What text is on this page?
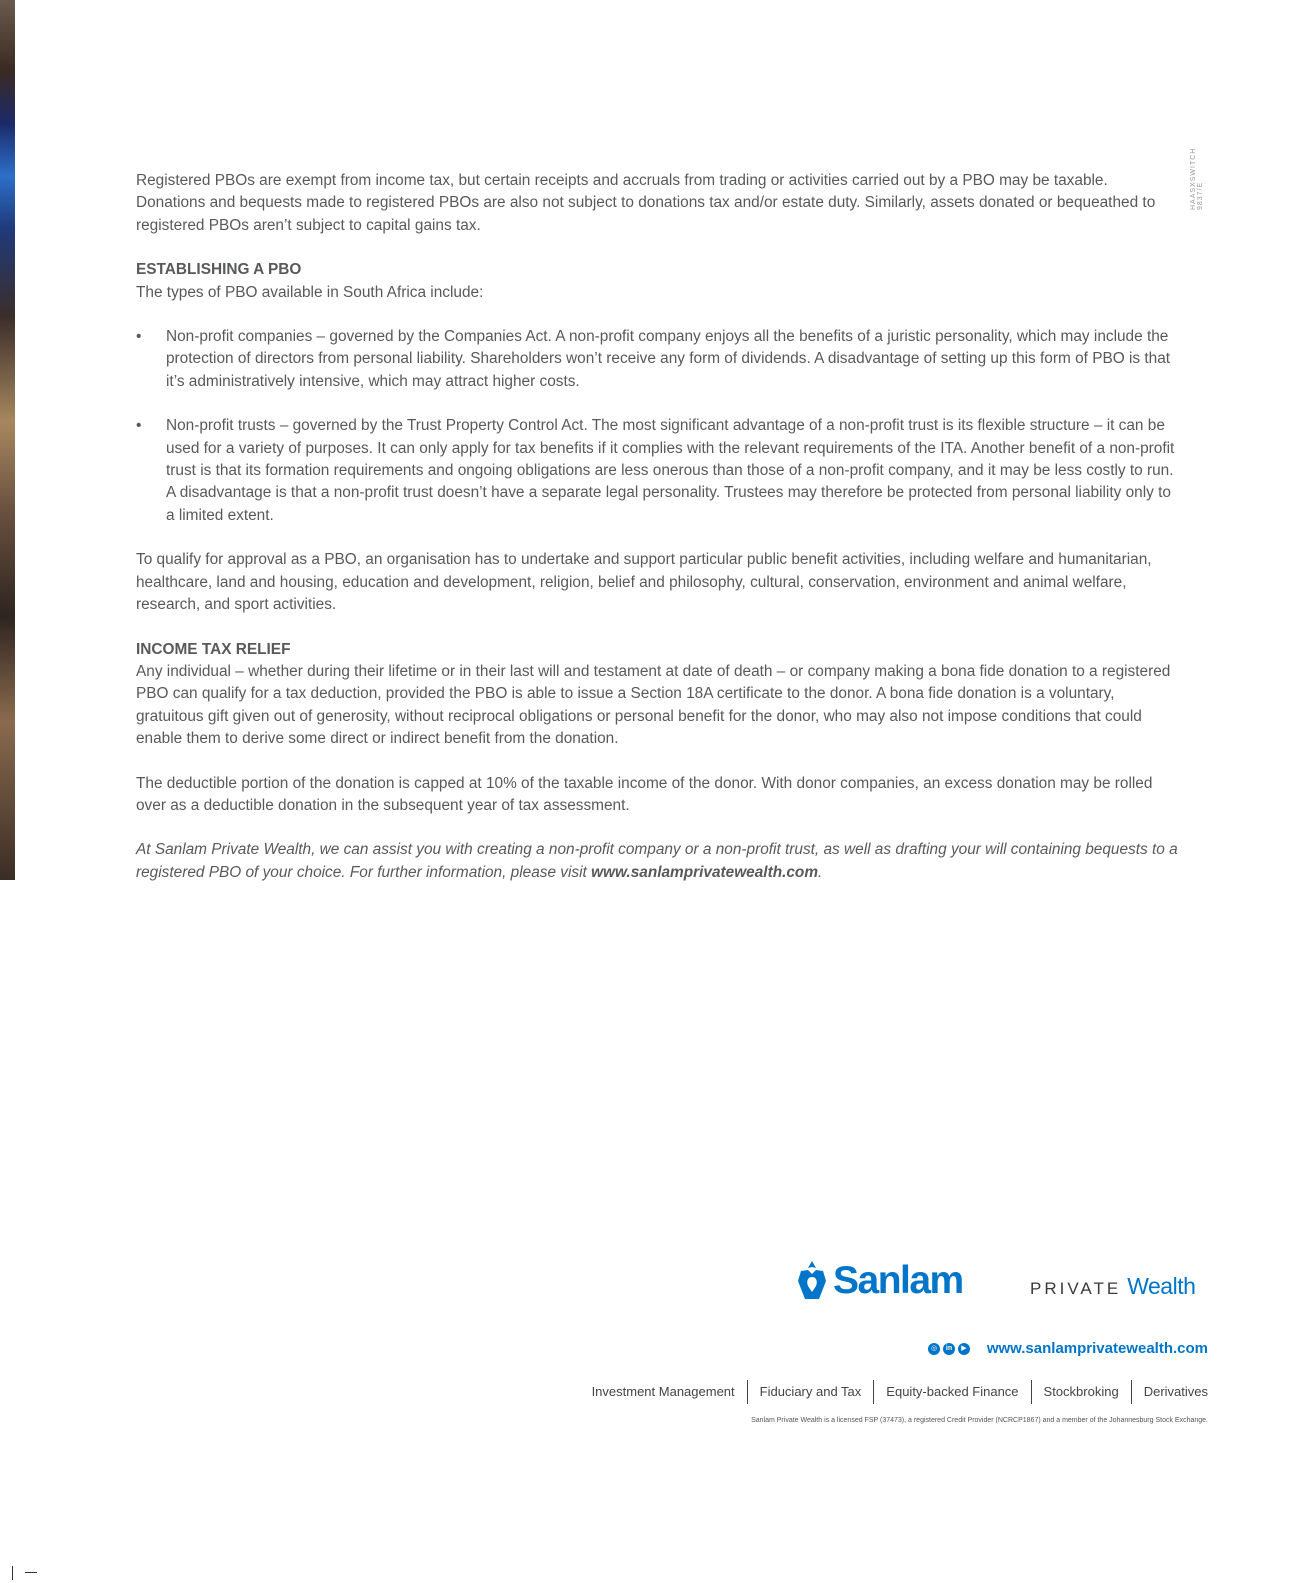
HAASXSWITCH 9837/E

Registered PBOs are exempt from income tax, but certain receipts and accruals from trading or activities carried out by a PBO may be taxable. Donations and bequests made to registered PBOs are also not subject to donations tax and/or estate duty. Similarly, assets donated or bequeathed to registered PBOs aren’t subject to capital gains tax.

ESTABLISHING A PBO

The types of PBO available in South Africa include:

• Non-profit companies – governed by the Companies Act. A non-profit company enjoys all the benefits of a juristic personality, which may include the protection of directors from personal liability. Shareholders won’t receive any form of dividends. A disadvantage of setting up this form of PBO is that it’s administratively intensive, which may attract higher costs.
• Non-profit trusts – governed by the Trust Property Control Act. The most significant advantage of a non-profit trust is its flexible structure – it can be used for a variety of purposes. It can only apply for tax benefits if it complies with the relevant requirements of the ITA. Another benefit of a non-profit trust is that its formation requirements and ongoing obligations are less onerous than those of a non-profit company, and it may be less costly to run. A disadvantage is that a non-profit trust doesn’t have a separate legal personality. Trustees may therefore be protected from personal liability only to a limited extent.

To qualify for approval as a PBO, an organisation has to undertake and support particular public benefit activities, including welfare and humanitarian, healthcare, land and housing, education and development, religion, belief and philosophy, cultural, conservation, environment and animal welfare, research, and sport activities.

INCOME TAX RELIEF

Any individual – whether during their lifetime or in their last will and testament at date of death – or company making a bona fide donation to a registered PBO can qualify for a tax deduction, provided the PBO is able to issue a Section 18A certificate to the donor. A bona fide donation is a voluntary, gratuitous gift given out of generosity, without reciprocal obligations or personal benefit for the donor, who may also not impose conditions that could enable them to derive some direct or indirect benefit from the donation.

The deductible portion of the donation is capped at 10% of the taxable income of the donor. With donor companies, an excess donation may be rolled over as a deductible donation in the subsequent year of tax assessment.

At Sanlam Private Wealth, we can assist you with creating a non-profit company or a non-profit trust, as well as drafting your will containing bequests to a registered PBO of your choice. For further information, please visit www.sanlamprivatewealth.com.

Sanlam	PRIVATE Wealth
◎	in	▶ www.sanlamprivatewealth.com
Investment Management	Fiduciary and Tax	Equity-backed Finance	Stockbroking	Derivatives
Sanlam Private Wealth is a licensed FSP (37473), a registered Credit Provider (NCRCP1867) and a member of the Johannesburg Stock Exchange.
